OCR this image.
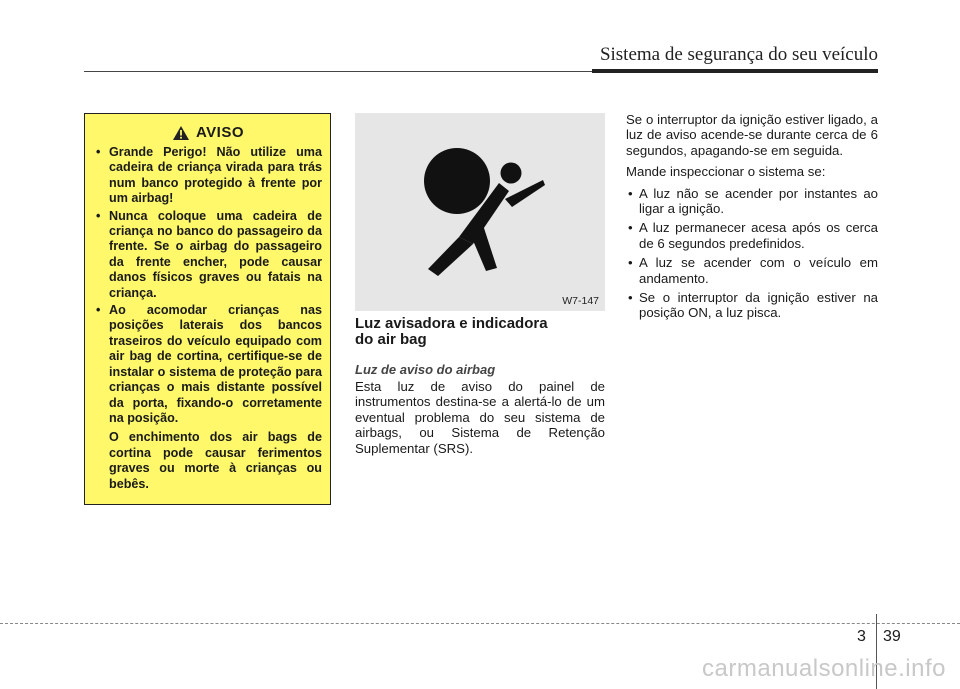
Sistema de segurança do seu veículo
AVISO
• Grande Perigo! Não utilize uma cadeira de criança virada para trás num banco protegido à frente por um airbag!
• Nunca coloque uma cadeira de criança no banco do passageiro da frente. Se o airbag do passageiro da frente encher, pode causar danos físicos graves ou fatais na criança.
• Ao acomodar crianças nas posições laterais dos bancos traseiros do veículo equipado com air bag de cortina, certifique-se de instalar o sistema de proteção para crianças o mais distante possível da porta, fixando-o corretamente na posição.

O enchimento dos air bags de cortina pode causar ferimentos graves ou morte à crianças ou bebês.

W7-147
Luz avisadora e indicadora
do air bag
Luz de aviso do airbag

Esta luz de aviso do painel de instrumentos destina-se a alertá-lo de um eventual problema do seu sistema de airbags, ou Sistema de Retenção Suplementar (SRS).

Se o interruptor da ignição estiver ligado, a luz de aviso acende-se durante cerca de 6 segundos, apagando-se em seguida.

Mande inspeccionar o sistema se:

• A luz não se acender por instantes ao ligar a ignição.
• A luz permanecer acesa após os cerca de 6 segundos predefinidos.
• A luz se acender com o veículo em andamento.
• Se o interruptor da ignição estiver na posição ON, a luz pisca.
3 39
carmanualsonline.info
